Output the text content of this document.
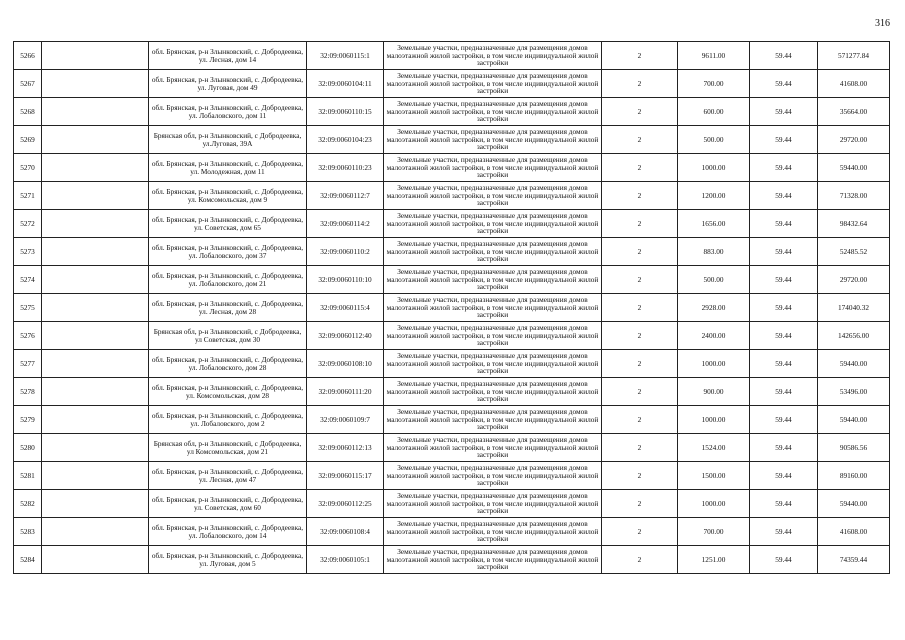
316
5266		обл. Брянская, р-н Злынковский, с. Добродеевка, ул. Лесная, дом 14	32:09:0060115:1	Земельные участки, предназначенные для размещения домов малоэтажной жилой застройки, в том числе индивидуальной жилой застройки	2	9611.00	59.44	571277.84
5267		обл. Брянская, р-н Злынковский, с. Добродеевка, ул. Луговая, дом 49	32:09:0060104:11	Земельные участки, предназначенные для размещения домов малоэтажной жилой застройки, в том числе индивидуальной жилой застройки	2	700.00	59.44	41608.00
5268		обл. Брянская, р-н Злынковский, с. Добродеевка, ул. Лобаловского, дом 11	32:09:0060110:15	Земельные участки, предназначенные для размещения домов малоэтажной жилой застройки, в том числе индивидуальной жилой застройки	2	600.00	59.44	35664.00
5269		Брянская обл, р-н Злынковский, с Добродеевка, ул.Луговая, 39А	32:09:0060104:23	Земельные участки, предназначенные для размещения домов малоэтажной жилой застройки, в том числе индивидуальной жилой застройки	2	500.00	59.44	29720.00
5270		обл. Брянская, р-н Злынковский, с. Добродеевка, ул. Молодежная, дом 11	32:09:0060110:23	Земельные участки, предназначенные для размещения домов малоэтажной жилой застройки, в том числе индивидуальной жилой застройки	2	1000.00	59.44	59440.00
5271		обл. Брянская, р-н Злынковский, с. Добродеевка, ул. Комсомольская, дом 9	32:09:0060112:7	Земельные участки, предназначенные для размещения домов малоэтажной жилой застройки, в том числе индивидуальной жилой застройки	2	1200.00	59.44	71328.00
5272		обл. Брянская, р-н Злынковский, с. Добродеевка, ул. Советская, дом 65	32:09:0060114:2	Земельные участки, предназначенные для размещения домов малоэтажной жилой застройки, в том числе индивидуальной жилой застройки	2	1656.00	59.44	98432.64
5273		обл. Брянская, р-н Злынковский, с. Добродеевка, ул. Лобаловского, дом 37	32:09:0060110:2	Земельные участки, предназначенные для размещения домов малоэтажной жилой застройки, в том числе индивидуальной жилой застройки	2	883.00	59.44	52485.52
5274		обл. Брянская, р-н Злынковский, с. Добродеевка, ул. Лобаловского, дом 21	32:09:0060110:10	Земельные участки, предназначенные для размещения домов малоэтажной жилой застройки, в том числе индивидуальной жилой застройки	2	500.00	59.44	29720.00
5275		обл. Брянская, р-н Злынковский, с. Добродеевка, ул. Лесная, дом 28	32:09:0060115:4	Земельные участки, предназначенные для размещения домов малоэтажной жилой застройки, в том числе индивидуальной жилой застройки	2	2928.00	59.44	174040.32
5276		Брянская обл, р-н Злынковский, с Добродеевка, ул Советская, дом 30	32:09:0060112:40	Земельные участки, предназначенные для размещения домов малоэтажной жилой застройки, в том числе индивидуальной жилой застройки	2	2400.00	59.44	142656.00
5277		обл. Брянская, р-н Злынковский, с. Добродеевка, ул. Лобаловского, дом 28	32:09:0060108:10	Земельные участки, предназначенные для размещения домов малоэтажной жилой застройки, в том числе индивидуальной жилой застройки	2	1000.00	59.44	59440.00
5278		обл. Брянская, р-н Злынковский, с. Добродеевка, ул. Комсомольская, дом 28	32:09:0060111:20	Земельные участки, предназначенные для размещения домов малоэтажной жилой застройки, в том числе индивидуальной жилой застройки	2	900.00	59.44	53496.00
5279		обл. Брянская, р-н Злынковский, с. Добродеевка, ул. Лобаловского, дом 2	32:09:0060109:7	Земельные участки, предназначенные для размещения домов малоэтажной жилой застройки, в том числе индивидуальной жилой застройки	2	1000.00	59.44	59440.00
5280		Брянская обл, р-н Злынковский, с Добродеевка, ул Комсомольская, дом 21	32:09:0060112:13	Земельные участки, предназначенные для размещения домов малоэтажной жилой застройки, в том числе индивидуальной жилой застройки	2	1524.00	59.44	90586.56
5281		обл. Брянская, р-н Злынковский, с. Добродеевка, ул. Лесная, дом 47	32:09:0060115:17	Земельные участки, предназначенные для размещения домов малоэтажной жилой застройки, в том числе индивидуальной жилой застройки	2	1500.00	59.44	89160.00
5282		обл. Брянская, р-н Злынковский, с. Добродеевка, ул. Советская, дом 60	32:09:0060112:25	Земельные участки, предназначенные для размещения домов малоэтажной жилой застройки, в том числе индивидуальной жилой застройки	2	1000.00	59.44	59440.00
5283		обл. Брянская, р-н Злынковский, с. Добродеевка, ул. Лобаловского, дом 14	32:09:0060108:4	Земельные участки, предназначенные для размещения домов малоэтажной жилой застройки, в том числе индивидуальной жилой застройки	2	700.00	59.44	41608.00
5284		обл. Брянская, р-н Злынковский, с. Добродеевка, ул. Луговая, дом 5	32:09:0060105:1	Земельные участки, предназначенные для размещения домов малоэтажной жилой застройки, в том числе индивидуальной жилой застройки	2	1251.00	59.44	74359.44
